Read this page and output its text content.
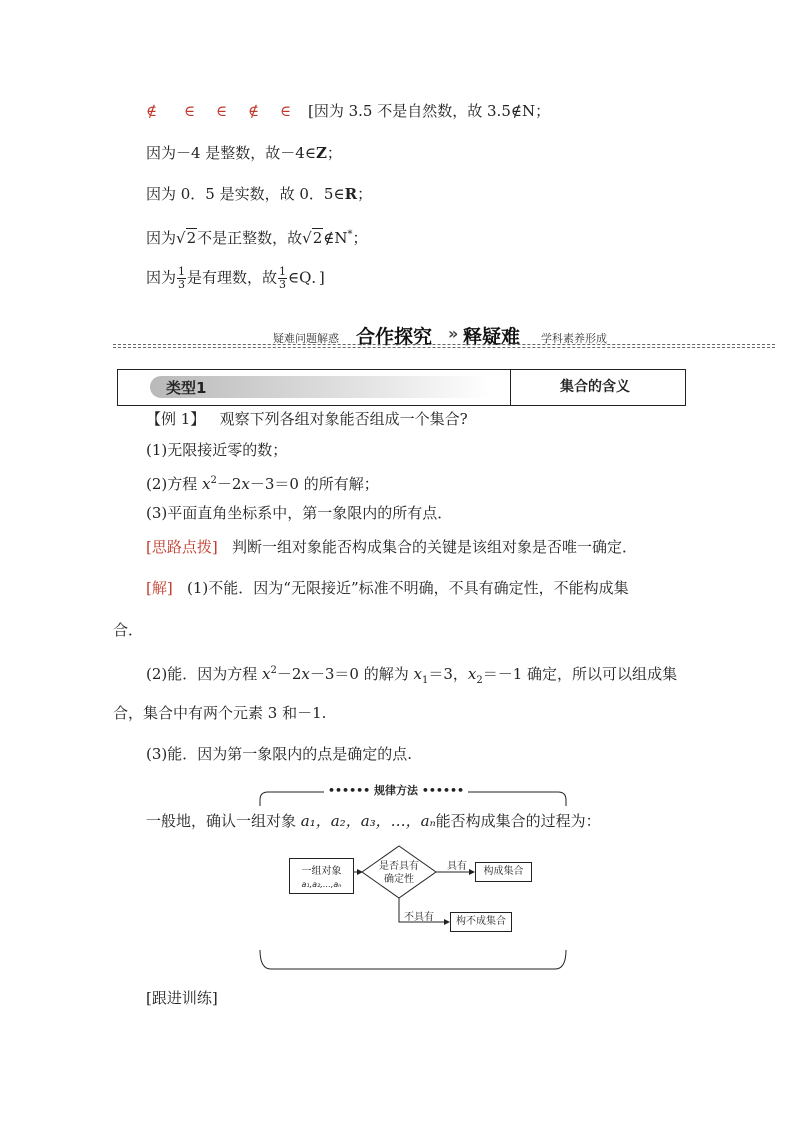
∉ ∈ ∈ ∉ ∈ [因为 3.5 不是自然数，故 3.5∉N；
因为－4 是整数，故－4∈Z；
因为 0．5 是实数，故 0．5∈R；
因为√2不是正整数，故√2∉N*；
因为 $\frac{1}{3}$ 是有理数，故 $\frac{1}{3}$ ∈Q．]
疑难问题解惑 合作探究 » 释疑难 学科素养形成
类型1	集合的含义
【例 1】 观察下列各组对象能否组成一个集合?
(1)无限接近零的数；
(2)方程 $x^2-2x-3=0$ 的所有解；
(3)平面直角坐标系中，第一象限内的所有点．
[思路点拨] 判断一组对象能否构成集合的关键是该组对象是否唯一确定．
[解] (1)不能．因为“无限接近”标准不明确，不具有确定性，不能构成集
合．
(2)能．因为方程 $x^2-2x-3=0$ 的解为 $x_1=3$，$x_2=-1$ 确定，所以可以组成集
合，集合中有两个元素 3 和－1.
(3)能．因为第一象限内的点是确定的点.
•••••• 规律方法 ••••••
一般地，确认一组对象 a₁，a₂，a₃，…，aₙ能否构成集合的过程为：
一组对象
a₁,a₂,…,aₙ
是否具有
确定性
具有	构成集合
不具有	构不成集合
[跟进训练]
